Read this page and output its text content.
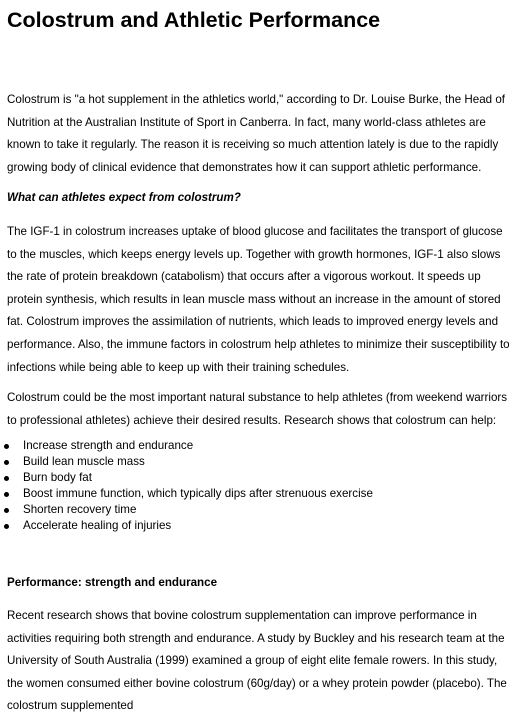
Colostrum and Athletic Performance

Colostrum is "a hot supplement in the athletics world," according to Dr. Louise Burke, the Head of Nutrition at the Australian Institute of Sport in Canberra. In fact, many world-class athletes are known to take it regularly. The reason it is receiving so much attention lately is due to the rapidly growing body of clinical evidence that demonstrates how it can support athletic performance.

What can athletes expect from colostrum?

The IGF-1 in colostrum increases uptake of blood glucose and facilitates the transport of glucose to the muscles, which keeps energy levels up. Together with growth hormones, IGF-1 also slows the rate of protein breakdown (catabolism) that occurs after a vigorous workout. It speeds up protein synthesis, which results in lean muscle mass without an increase in the amount of stored fat. Colostrum improves the assimilation of nutrients, which leads to improved energy levels and performance. Also, the immune factors in colostrum help athletes to minimize their susceptibility to infections while being able to keep up with their training schedules.

Colostrum could be the most important natural substance to help athletes (from weekend warriors to professional athletes) achieve their desired results. Research shows that colostrum can help:

Increase strength and endurance
Build lean muscle mass
Burn body fat
Boost immune function, which typically dips after strenuous exercise
Shorten recovery time
Accelerate healing of injuries

Performance: strength and endurance

Recent research shows that bovine colostrum supplementation can improve performance in activities requiring both strength and endurance. A study by Buckley and his research team at the University of South Australia (1999) examined a group of eight elite female rowers. In this study, the women consumed either bovine colostrum (60g/day) or a whey protein powder (placebo). The colostrum supplemented
